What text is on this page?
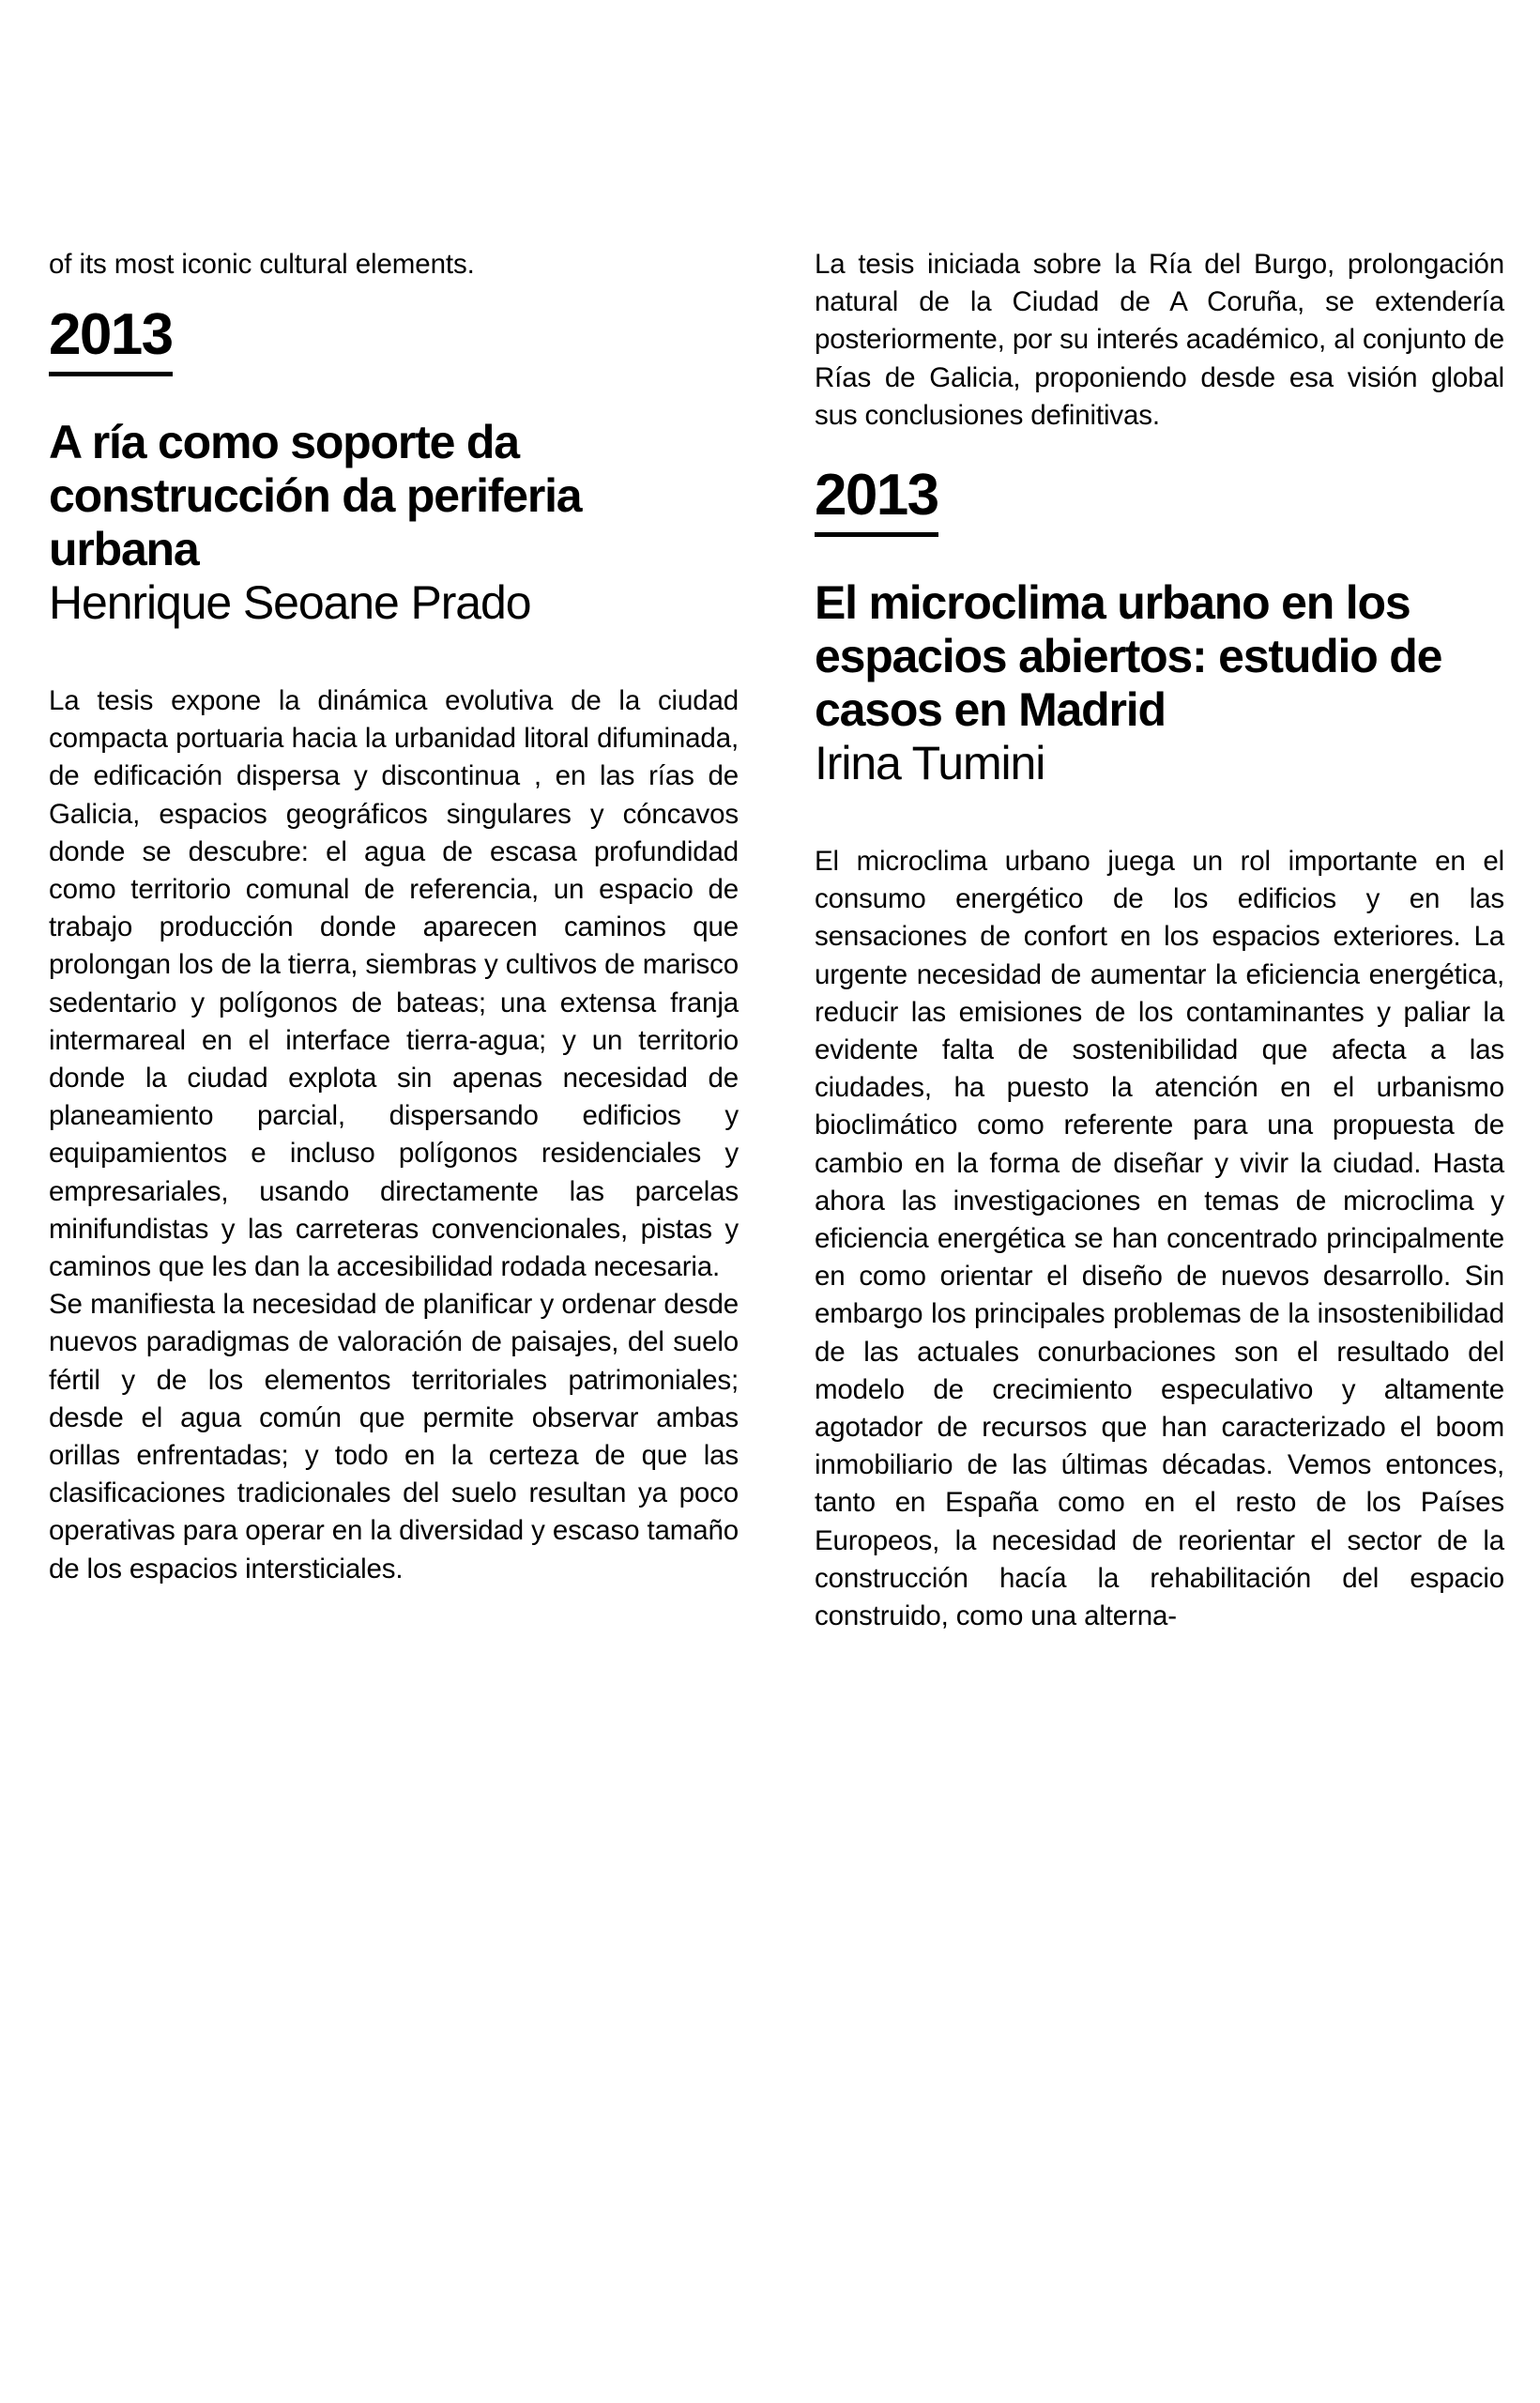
of its most iconic cultural elements.

2013
A ría como soporte da construcción da periferia urbana

Henrique Seoane Prado

La tesis expone la dinámica evolutiva de la ciudad compacta portuaria hacia la urbanidad litoral difuminada, de edificación dispersa y discontinua , en las rías de Galicia, espacios geográficos singulares y cóncavos donde se descubre: el agua de escasa profundidad como territorio comunal de referencia, un espacio de trabajo producción donde aparecen caminos que prolongan los de la tierra, siembras y cultivos de marisco sedentario y polígonos de bateas; una extensa franja intermareal en el interface tierra-agua; y un territorio donde la ciudad explota sin apenas necesidad de planeamiento parcial, dispersando edificios y equipamientos e incluso polígonos residenciales y empresariales, usando directamente las parcelas minifundistas y las carreteras convencionales, pistas y caminos que les dan la accesibilidad rodada necesaria.

Se manifiesta la necesidad de planificar y ordenar desde nuevos paradigmas de valoración de paisajes, del suelo fértil y de los elementos territoriales patrimoniales; desde el agua común que permite observar ambas orillas enfrentadas; y todo en la certeza de que las clasificaciones tradicionales del suelo resultan ya poco operativas para operar en la diversidad y escaso tamaño de los espacios intersticiales.

La tesis iniciada sobre la Ría del Burgo, prolongación natural de la Ciudad de A Coruña, se extendería posteriormente, por su interés académico, al conjunto de Rías de Galicia, proponiendo desde esa visión global sus conclusiones definitivas.

2013
El microclima urbano en los espacios abiertos: estudio de casos en Madrid

Irina Tumini

El microclima urbano juega un rol importante en el consumo energético de los edificios y en las sensaciones de confort en los espacios exteriores. La urgente necesidad de aumentar la eficiencia energética, reducir las emisiones de los contaminantes y paliar la evidente falta de sostenibilidad que afecta a las ciudades, ha puesto la atención en el urbanismo bioclimático como referente para una propuesta de cambio en la forma de diseñar y vivir la ciudad. Hasta ahora las investigaciones en temas de microclima y eficiencia energética se han concentrado principalmente en como orientar el diseño de nuevos desarrollo. Sin embargo los principales problemas de la insostenibilidad de las actuales conurbaciones son el resultado del modelo de crecimiento especulativo y altamente agotador de recursos que han caracterizado el boom inmobiliario de las últimas décadas. Vemos entonces, tanto en España como en el resto de los Países Europeos, la necesidad de reorientar el sector de la construcción hacía la rehabilitación del espacio construido, como una alterna-
